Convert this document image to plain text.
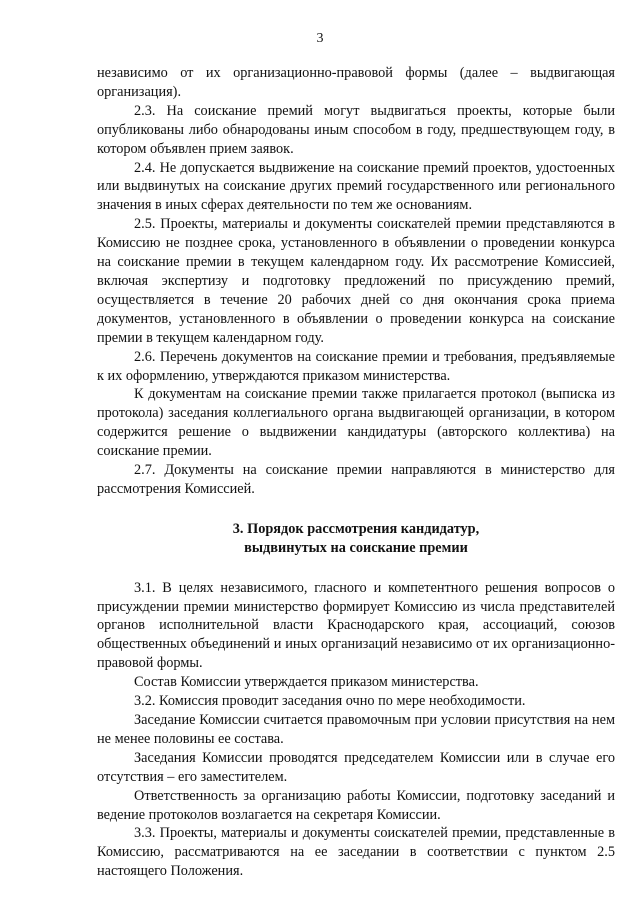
3

независимо от их организационно-правовой формы (далее – выдвигающая организация).

2.3. На соискание премий могут выдвигаться проекты, которые были опубликованы либо обнародованы иным способом в году, предшествующем году, в котором объявлен прием заявок.

2.4. Не допускается выдвижение на соискание премий проектов, удостоенных или выдвинутых на соискание других премий государственного или регионального значения в иных сферах деятельности по тем же основаниям.

2.5. Проекты, материалы и документы соискателей премии представляются в Комиссию не позднее срока, установленного в объявлении о проведении конкурса на соискание премии в текущем календарном году. Их рассмотрение Комиссией, включая экспертизу и подготовку предложений по присуждению премий, осуществляется в течение 20 рабочих дней со дня окончания срока приема документов, установленного в объявлении о проведении конкурса на соискание премии в текущем календарном году.

2.6. Перечень документов на соискание премии и требования, предъявляемые к их оформлению, утверждаются приказом министерства.

К документам на соискание премии также прилагается протокол (выписка из протокола) заседания коллегиального органа выдвигающей организации, в котором содержится решение о выдвижении кандидатуры (авторского коллектива) на соискание премии.

2.7. Документы на соискание премии направляются в министерство для рассмотрения Комиссией.

3. Порядок рассмотрения кандидатур,

выдвинутых на соискание премии

3.1. В целях независимого, гласного и компетентного решения вопросов о присуждении премии министерство формирует Комиссию из числа представителей органов исполнительной власти Краснодарского края, ассоциаций, союзов общественных объединений и иных организаций независимо от их организационно-правовой формы.

Состав Комиссии утверждается приказом министерства.

3.2. Комиссия проводит заседания очно по мере необходимости.

Заседание Комиссии считается правомочным при условии присутствия на нем не менее половины ее состава.

Заседания Комиссии проводятся председателем Комиссии или в случае его отсутствия – его заместителем.

Ответственность за организацию работы Комиссии, подготовку заседаний и ведение протоколов возлагается на секретаря Комиссии.

3.3. Проекты, материалы и документы соискателей премии, представленные в Комиссию, рассматриваются на ее заседании в соответствии с пунктом 2.5 настоящего Положения.
